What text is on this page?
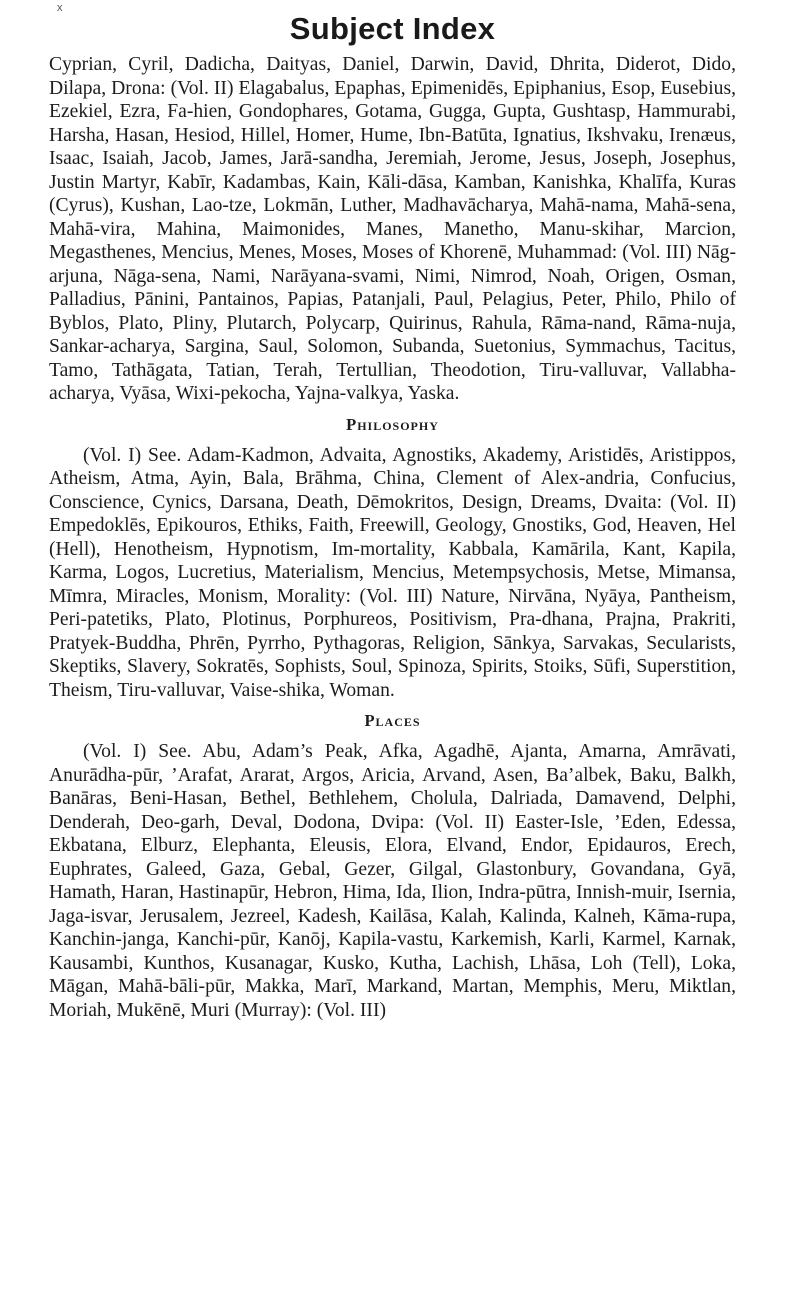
x
Subject Index

Cyprian, Cyril, Dadicha, Daityas, Daniel, Darwin, David, Dhrita, Diderot, Dido, Dilapa, Drona: (Vol. II) Elagabalus, Epaphas, Epimenidēs, Epiphanius, Esop, Eusebius, Ezekiel, Ezra, Fa-hien, Gondophares, Gotama, Gugga, Gupta, Gushtasp, Hammurabi, Harsha, Hasan, Hesiod, Hillel, Homer, Hume, Ibn-Batūta, Ignatius, Ikshvaku, Irenæus, Isaac, Isaiah, Jacob, James, Jarā-sandha, Jeremiah, Jerome, Jesus, Joseph, Josephus, Justin Martyr, Kabīr, Kadambas, Kain, Kāli-dāsa, Kamban, Kanishka, Khalīfa, Kuras (Cyrus), Kushan, Lao-tze, Lokmān, Luther, Madhavācharya, Mahā-nama, Mahā-sena, Mahā-vira, Mahina, Maimonides, Manes, Manetho, Manu-skihar, Marcion, Megasthenes, Mencius, Menes, Moses, Moses of Khorenē, Muhammad: (Vol. III) Nāg-arjuna, Nāga-sena, Nami, Narāyana-svami, Nimi, Nimrod, Noah, Origen, Osman, Palladius, Pānini, Pantainos, Papias, Patanjali, Paul, Pelagius, Peter, Philo, Philo of Byblos, Plato, Pliny, Plutarch, Polycarp, Quirinus, Rahula, Rāma-nand, Rāma-nuja, Sankar-acharya, Sargina, Saul, Solomon, Subanda, Suetonius, Symmachus, Tacitus, Tamo, Tathāgata, Tatian, Terah, Tertullian, Theodotion, Tiru-valluvar, Vallabha-acharya, Vyāsa, Wixi-pekocha, Yajna-valkya, Yaska.

Philosophy

(Vol. I) See. Adam-Kadmon, Advaita, Agnostiks, Akademy, Aristidēs, Aristippos, Atheism, Atma, Ayin, Bala, Brāhma, China, Clement of Alex-andria, Confucius, Conscience, Cynics, Darsana, Death, Dēmokritos, Design, Dreams, Dvaita: (Vol. II) Empedoklēs, Epikouros, Ethiks, Faith, Freewill, Geology, Gnostiks, God, Heaven, Hel (Hell), Henotheism, Hypnotism, Im-mortality, Kabbala, Kamārila, Kant, Kapila, Karma, Logos, Lucretius, Materialism, Mencius, Metempsychosis, Metse, Mimansa, Mīmra, Miracles, Monism, Morality: (Vol. III) Nature, Nirvāna, Nyāya, Pantheism, Peri-patetiks, Plato, Plotinus, Porphureos, Positivism, Pra-dhana, Prajna, Prakriti, Pratyek-Buddha, Phrēn, Pyrrho, Pythagoras, Religion, Sānkya, Sarvakas, Secularists, Skeptiks, Slavery, Sokratēs, Sophists, Soul, Spinoza, Spirits, Stoiks, Sūfi, Superstition, Theism, Tiru-valluvar, Vaise-shika, Woman.

Places

(Vol. I) See. Abu, Adam’s Peak, Afka, Agadhē, Ajanta, Amarna, Amrāvati, Anurādha-pūr, ’Arafat, Ararat, Argos, Aricia, Arvand, Asen, Ba’albek, Baku, Balkh, Banāras, Beni-Hasan, Bethel, Bethlehem, Cholula, Dalriada, Damavend, Delphi, Denderah, Deo-garh, Deval, Dodona, Dvipa: (Vol. II) Easter-Isle, ’Eden, Edessa, Ekbatana, Elburz, Elephanta, Eleusis, Elora, Elvand, Endor, Epidauros, Erech, Euphrates, Galeed, Gaza, Gebal, Gezer, Gilgal, Glastonbury, Govandana, Gyā, Hamath, Haran, Hastinapūr, Hebron, Hima, Ida, Ilion, Indra-pūtra, Innish-muir, Isernia, Jaga-isvar, Jerusalem, Jezreel, Kadesh, Kailāsa, Kalah, Kalinda, Kalneh, Kāma-rupa, Kanchin-janga, Kanchi-pūr, Kanōj, Kapila-vastu, Karkemish, Karli, Karmel, Karnak, Kausambi, Kunthos, Kusanagar, Kusko, Kutha, Lachish, Lhāsa, Loh (Tell), Loka, Māgan, Mahā-bāli-pūr, Makka, Marī, Markand, Martan, Memphis, Meru, Miktlan, Moriah, Mukēnē, Muri (Murray): (Vol. III)
